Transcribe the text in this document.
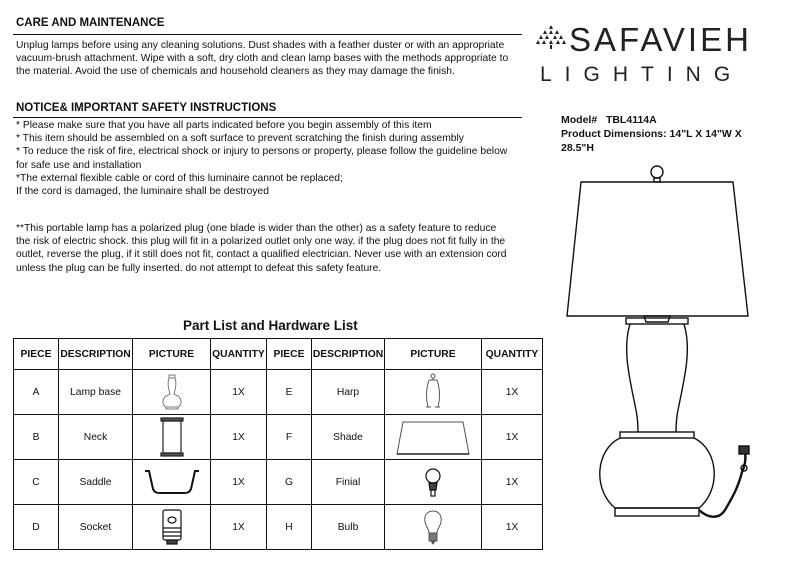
CARE AND MAINTENANCE
Unplug lamps before using any cleaning solutions. Dust shades with a feather duster or with an appropriate
vacuum-brush attachment. Wipe with a soft, dry cloth and clean lamp bases with the methods appropriate to
the material. Avoid the use of chemicals and household cleaners as they may damage the finish.
NOTICE& IMPORTANT SAFETY INSTRUCTIONS
* Please make sure that you have all parts indicated before you begin assembly of this item
* This item should be assembled on a soft surface to prevent scratching the finish during assembly
* To reduce the risk of fire, electrical shock or injury to persons or property, please follow the guideline below
for safe use and installation
*The external flexible cable or cord of this luminaire cannot be replaced;
If the cord is damaged, the luminaire shall be destroyed
**This portable lamp has a polarized plug (one blade is wider than the other) as a safety feature to reduce
the risk of electric shock. this plug will fit in a polarized outlet only one way. if the plug does not fit fully in the
outlet, reverse the plug, if it still does not fit, contact a qualified electrician. Never use with an extension cord
unless the plug can be fully inserted. do not attempt to defeat this safety feature.
SAFAVIEH
LIGHTING
Model# TBL4114A
Product Dimensions: 14"L X 14"W X
28.5"H
Part List and Hardware List
PIECE	DESCRIPTION	PICTURE	QUANTITY	PIECE	DESCRIPTION	PICTURE	QUANTITY
A	Lamp base		1X	E	Harp		1X
B	Neck		1X	F	Shade		1X
C	Saddle		1X	G	Finial		1X
D	Socket		1X	H	Bulb		1X
